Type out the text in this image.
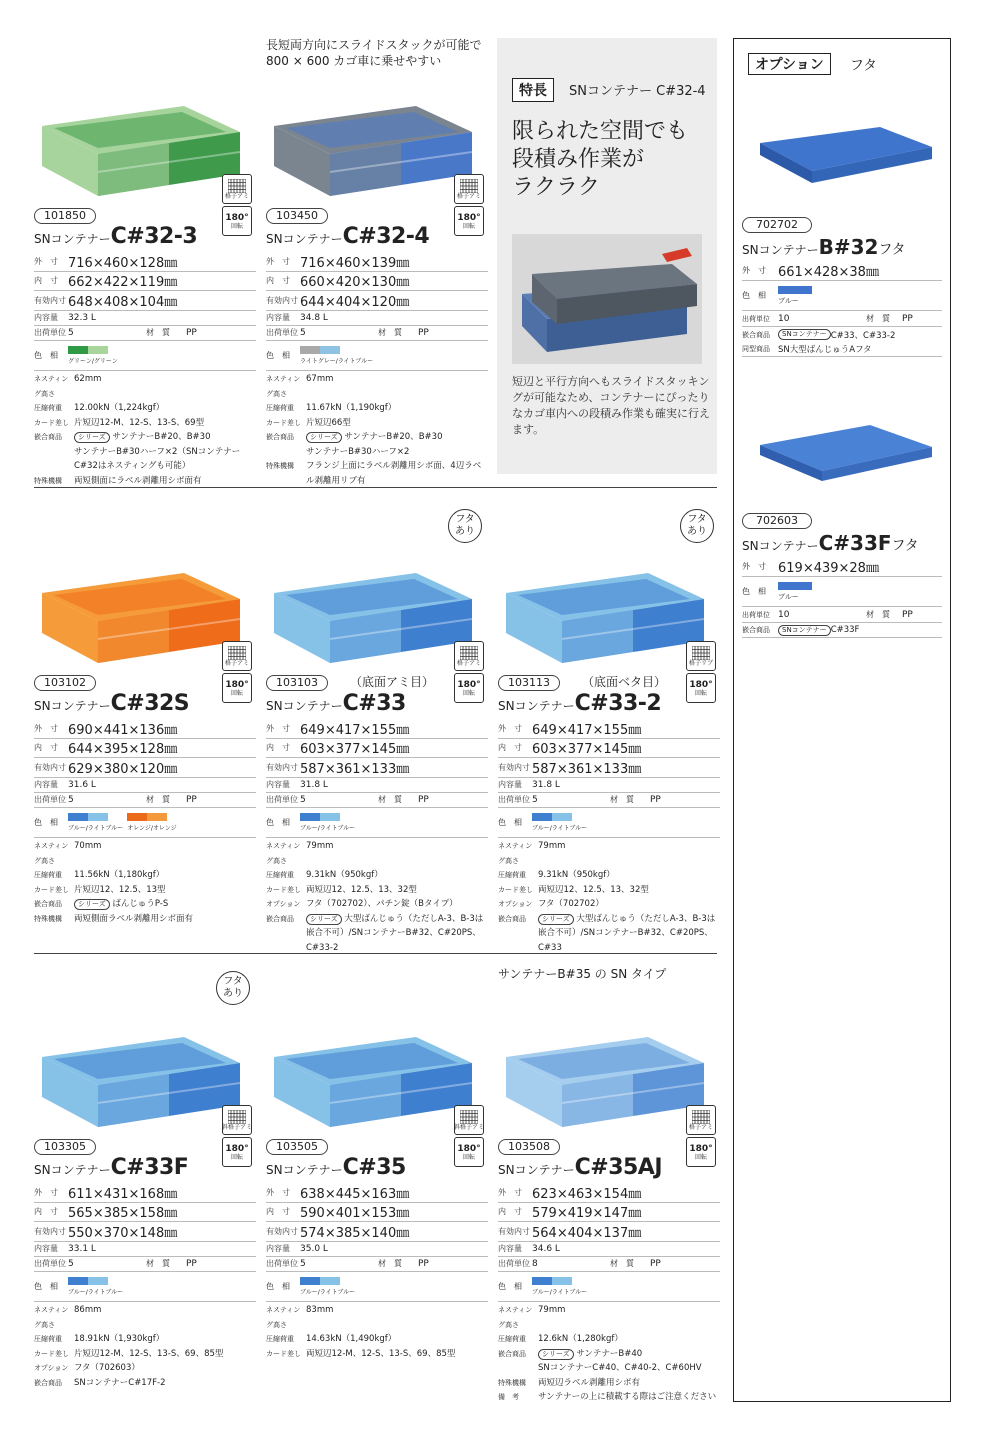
特長	SNコンテナー C#32-4
限られた空間でも
段積み作業が
ラクラク
短辺と平行方向へもスライドスタッキングが可能なため、コンテナーにぴったりなカゴ車内への段積み作業も確実に行えます。
オプション	フタ
702702
SNコンテナーB#32フタ
外　寸 661×428×38㎜
色　相
ブルー
出荷単位 10	材　質	PP
嵌合商品	SNコンテナー C#33、C#33-2
同型商品 SN大型ばんじゅうAフタ
702603
SNコンテナーC#33Fフタ
外　寸 619×439×28㎜
色　相
ブルー
出荷単位 10	材　質	PP
嵌合商品	SNコンテナー C#33F
格子アミ
180°
回転
101850
SNコンテナーC#32-3
外　寸 716×460×128㎜
内　寸 662×422×119㎜
有効内寸 648×408×104㎜
内容量	32.3 L
出荷単位 5	材　質	PP
色　相
グリーン/グリーン
ネスティング高さ
62mm
圧縮荷重	12.00kN（1,224kgf）
カード差し 片短辺12-M、12-S、13-S、69型
嵌合商品	シリーズ サンテナーB#20、B#30
サンテナーB#30ハーフ×2（SNコンテナーC#32はネスティングも可能）
特殊機構	両短側面にラベル剥離用シボ面有
格子アミ
180°
回転
103450
長短両方向にスライドスタックが可能で
800 × 600 カゴ車に乗せやすい
SNコンテナーC#32-4
外　寸 716×460×139㎜
内　寸 660×420×130㎜
有効内寸 644×404×120㎜
内容量	34.8 L
出荷単位 5	材　質	PP
色　相
ライトグレー/ライトブルー
ネスティング高さ
67mm
圧縮荷重	11.67kN（1,190kgf）
カード差し 片短辺66型
嵌合商品	シリーズ サンテナーB#20、B#30
サンテナーB#30ハーフ×2
特殊機構	フランジ上面にラベル剥離用シボ面、4辺ラベル剥離用リブ有
格子アミ
180°
回転
103102
SNコンテナーC#32S
外　寸 690×441×136㎜
内　寸 644×395×128㎜
有効内寸 629×380×120㎜
内容量	31.6 L
出荷単位 5	材　質	PP
色　相
ブルー/ライトブルー オレンジ/オレンジ
ネスティング高さ
70mm
圧縮荷重	11.56kN（1,180kgf）
カード差し 片短辺12、12.5、13型
嵌合商品	シリーズ ばんじゅうP-S
特殊機構	両短側面ラベル剥離用シボ面有
格子アミ
180°
回転
フタ
あり
103103	（底面アミ目）
SNコンテナーC#33
外　寸 649×417×155㎜
内　寸 603×377×145㎜
有効内寸 587×361×133㎜
内容量	31.8 L
出荷単位 5	材　質	PP
色　相
ブルー/ライトブルー
ネスティング高さ
79mm
圧縮荷重	9.31kN（950kgf）
カード差し 両短辺12、12.5、13、32型
オプション フタ（702702）、パチン錠（Bタイプ）
嵌合商品	シリーズ 大型ばんじゅう（ただしA-3、B-3は嵌合不可）/SNコンテナーB#32、C#20PS、C#33-2
格子リブ
180°
回転
フタ
あり
103113	（底面ベタ目）
SNコンテナーC#33-2
外　寸 649×417×155㎜
内　寸 603×377×145㎜
有効内寸 587×361×133㎜
内容量	31.8 L
出荷単位 5	材　質	PP
色　相
ブルー/ライトブルー
ネスティング高さ
79mm
圧縮荷重	9.31kN（950kgf）
カード差し 両短辺12、12.5、13、32型
オプション フタ（702702）
嵌合商品	シリーズ 大型ばんじゅう（ただしA-3、B-3は嵌合不可）/SNコンテナーB#32、C#20PS、C#33
斜格子アミ
180°
回転
フタ
あり
103305
SNコンテナーC#33F
外　寸 611×431×168㎜
内　寸 565×385×158㎜
有効内寸 550×370×148㎜
内容量	33.1 L
出荷単位 5	材　質	PP
色　相
ブルー/ライトブルー
ネスティング高さ
86mm
圧縮荷重	18.91kN（1,930kgf）
カード差し 片短辺12-M、12-S、13-S、69、85型
オプション フタ（702603）
嵌合商品	SNコンテナーC#17F-2
斜格子アミ
180°
回転
103505
SNコンテナーC#35
外　寸 638×445×163㎜
内　寸 590×401×153㎜
有効内寸 574×385×140㎜
内容量	35.0 L
出荷単位 5	材　質	PP
色　相
ブルー/ライトブルー
ネスティング高さ
83mm
圧縮荷重	14.63kN（1,490kgf）
カード差し 両短辺12-M、12-S、13-S、69、85型
格子アミ
180°
回転
103508
サンテナーB#35 の SN タイプ
SNコンテナーC#35AJ
外　寸 623×463×154㎜
内　寸 579×419×147㎜
有効内寸 564×404×137㎜
内容量	34.6 L
出荷単位 8	材　質	PP
色　相
ブルー/ライトブルー
ネスティング高さ
79mm
圧縮荷重	12.6kN（1,280kgf）
嵌合商品	シリーズ サンテナーB#40
SNコンテナーC#40、C#40-2、C#60HV
特殊機構	両短辺ラベル剥離用シボ有
備　考	サンテナーの上に積載する際はご注意ください
